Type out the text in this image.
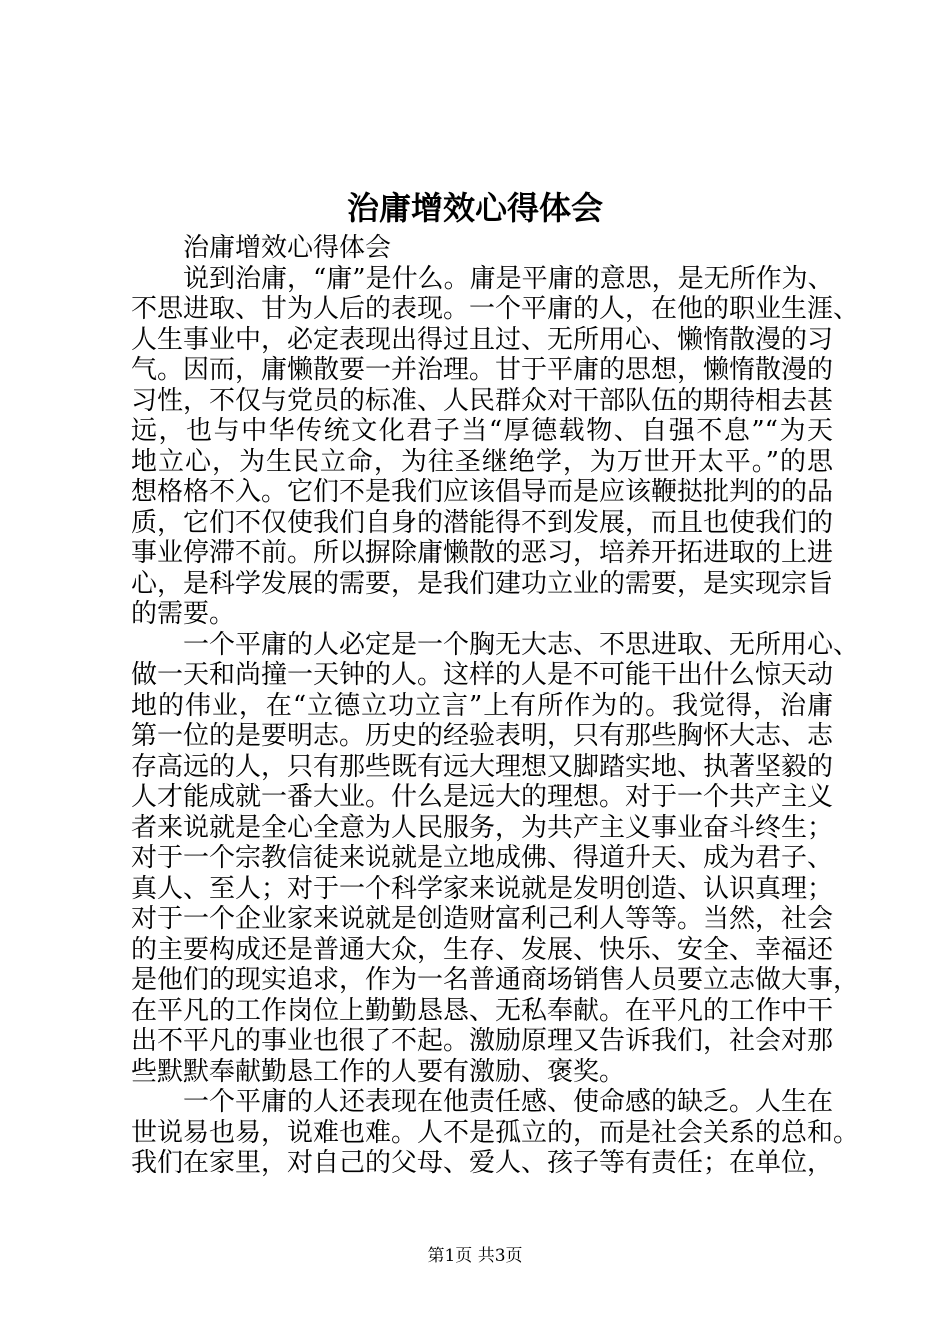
治庸增效心得体会
治庸增效心得体会
说到治庸，“庸”是什么。庸是平庸的意思，是无所作为、
不思进取、甘为人后的表现。一个平庸的人，在他的职业生涯、
人生事业中，必定表现出得过且过、无所用心、懒惰散漫的习
气。因而，庸懒散要一并治理。甘于平庸的思想，懒惰散漫的
习性，不仅与党员的标准、人民群众对干部队伍的期待相去甚
远，也与中华传统文化君子当“厚德载物、自强不息”“为天
地立心，为生民立命，为往圣继绝学，为万世开太平。”的思
想格格不入。它们不是我们应该倡导而是应该鞭挞批判的的品
质，它们不仅使我们自身的潜能得不到发展，而且也使我们的
事业停滞不前。所以摒除庸懒散的恶习，培养开拓进取的上进
心，是科学发展的需要，是我们建功立业的需要，是实现宗旨
的需要。
一个平庸的人必定是一个胸无大志、不思进取、无所用心、
做一天和尚撞一天钟的人。这样的人是不可能干出什么惊天动
地的伟业，在“立德立功立言”上有所作为的。我觉得，治庸
第一位的是要明志。历史的经验表明，只有那些胸怀大志、志
存高远的人，只有那些既有远大理想又脚踏实地、执著坚毅的
人才能成就一番大业。什么是远大的理想。对于一个共产主义
者来说就是全心全意为人民服务，为共产主义事业奋斗终生；
对于一个宗教信徒来说就是立地成佛、得道升天、成为君子、
真人、至人；对于一个科学家来说就是发明创造、认识真理；
对于一个企业家来说就是创造财富利己利人等等。当然，社会
的主要构成还是普通大众，生存、发展、快乐、安全、幸福还
是他们的现实追求，作为一名普通商场销售人员要立志做大事，
在平凡的工作岗位上勤勤恳恳、无私奉献。在平凡的工作中干
出不平凡的事业也很了不起。激励原理又告诉我们，社会对那
些默默奉献勤恳工作的人要有激励、褒奖。
一个平庸的人还表现在他责任感、使命感的缺乏。人生在
世说易也易，说难也难。人不是孤立的，而是社会关系的总和。
我们在家里，对自己的父母、爱人、孩子等有责任；在单位，
第1页 共3页
